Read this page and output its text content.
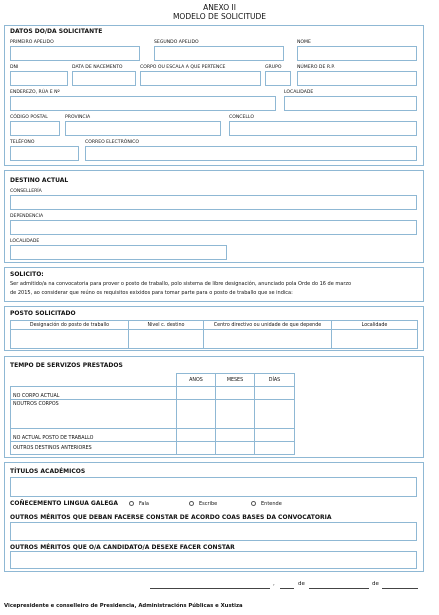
ANEXO II
MODELO DE SOLICITUDE
DATOS DO/DA SOLICITANTE
PRIMEIRO APELIDO	SEGUNDO APELIDO	NOME
DNI	DATA DE NACEMENTO	CORPO OU ESCALA A QUE PERTENCE	GRUPO	NÚMERO DE R.P.
ENDEREZO, RÚA E Nº	LOCALIDADE
CÓDIGO POSTAL	PROVINCIA	CONCELLO
TELÉFONO	CORREO ELECTRÓNICO
DESTINO ACTUAL
CONSELLERÍA
DEPENDENCIA
LOCALIDADE
SOLICITO:
Ser admitido/a na convocatoria para prover o posto de traballo, polo sistema de libre designación, anunciado pola Orde do 16 de marzo
de 2015, ao considerar que reúno os requisitos exixidos para tomar parte para o posto de traballo que se indica:
POSTO SOLICITADO
Designación do posto de traballo	Nivel c. destino	Centro directivo ou unidade de que depende	Localidade

TEMPO DE SERVIZOS PRESTADOS
	ANOS	MESES	DÍAS
NO CORPO ACTUAL			
NOUTROS CORPOS			
NO ACTUAL POSTO DE TRABALLO			
OUTROS DESTINOS ANTERIORES			
TÍTULOS ACADÉMICOS
COÑECEMENTO LINGUA GALEGA	Fala	Escribe	Entende
OUTROS MÉRITOS QUE DEBAN FACERSE CONSTAR DE ACORDO COAS BASES DA CONVOCATORIA
OUTROS MÉRITOS QUE O/A CANDIDATO/A DESEXE FACER CONSTAR
,	de	de
Vicepresidente e conselleiro de Presidencia, Administracións Públicas e Xustiza
